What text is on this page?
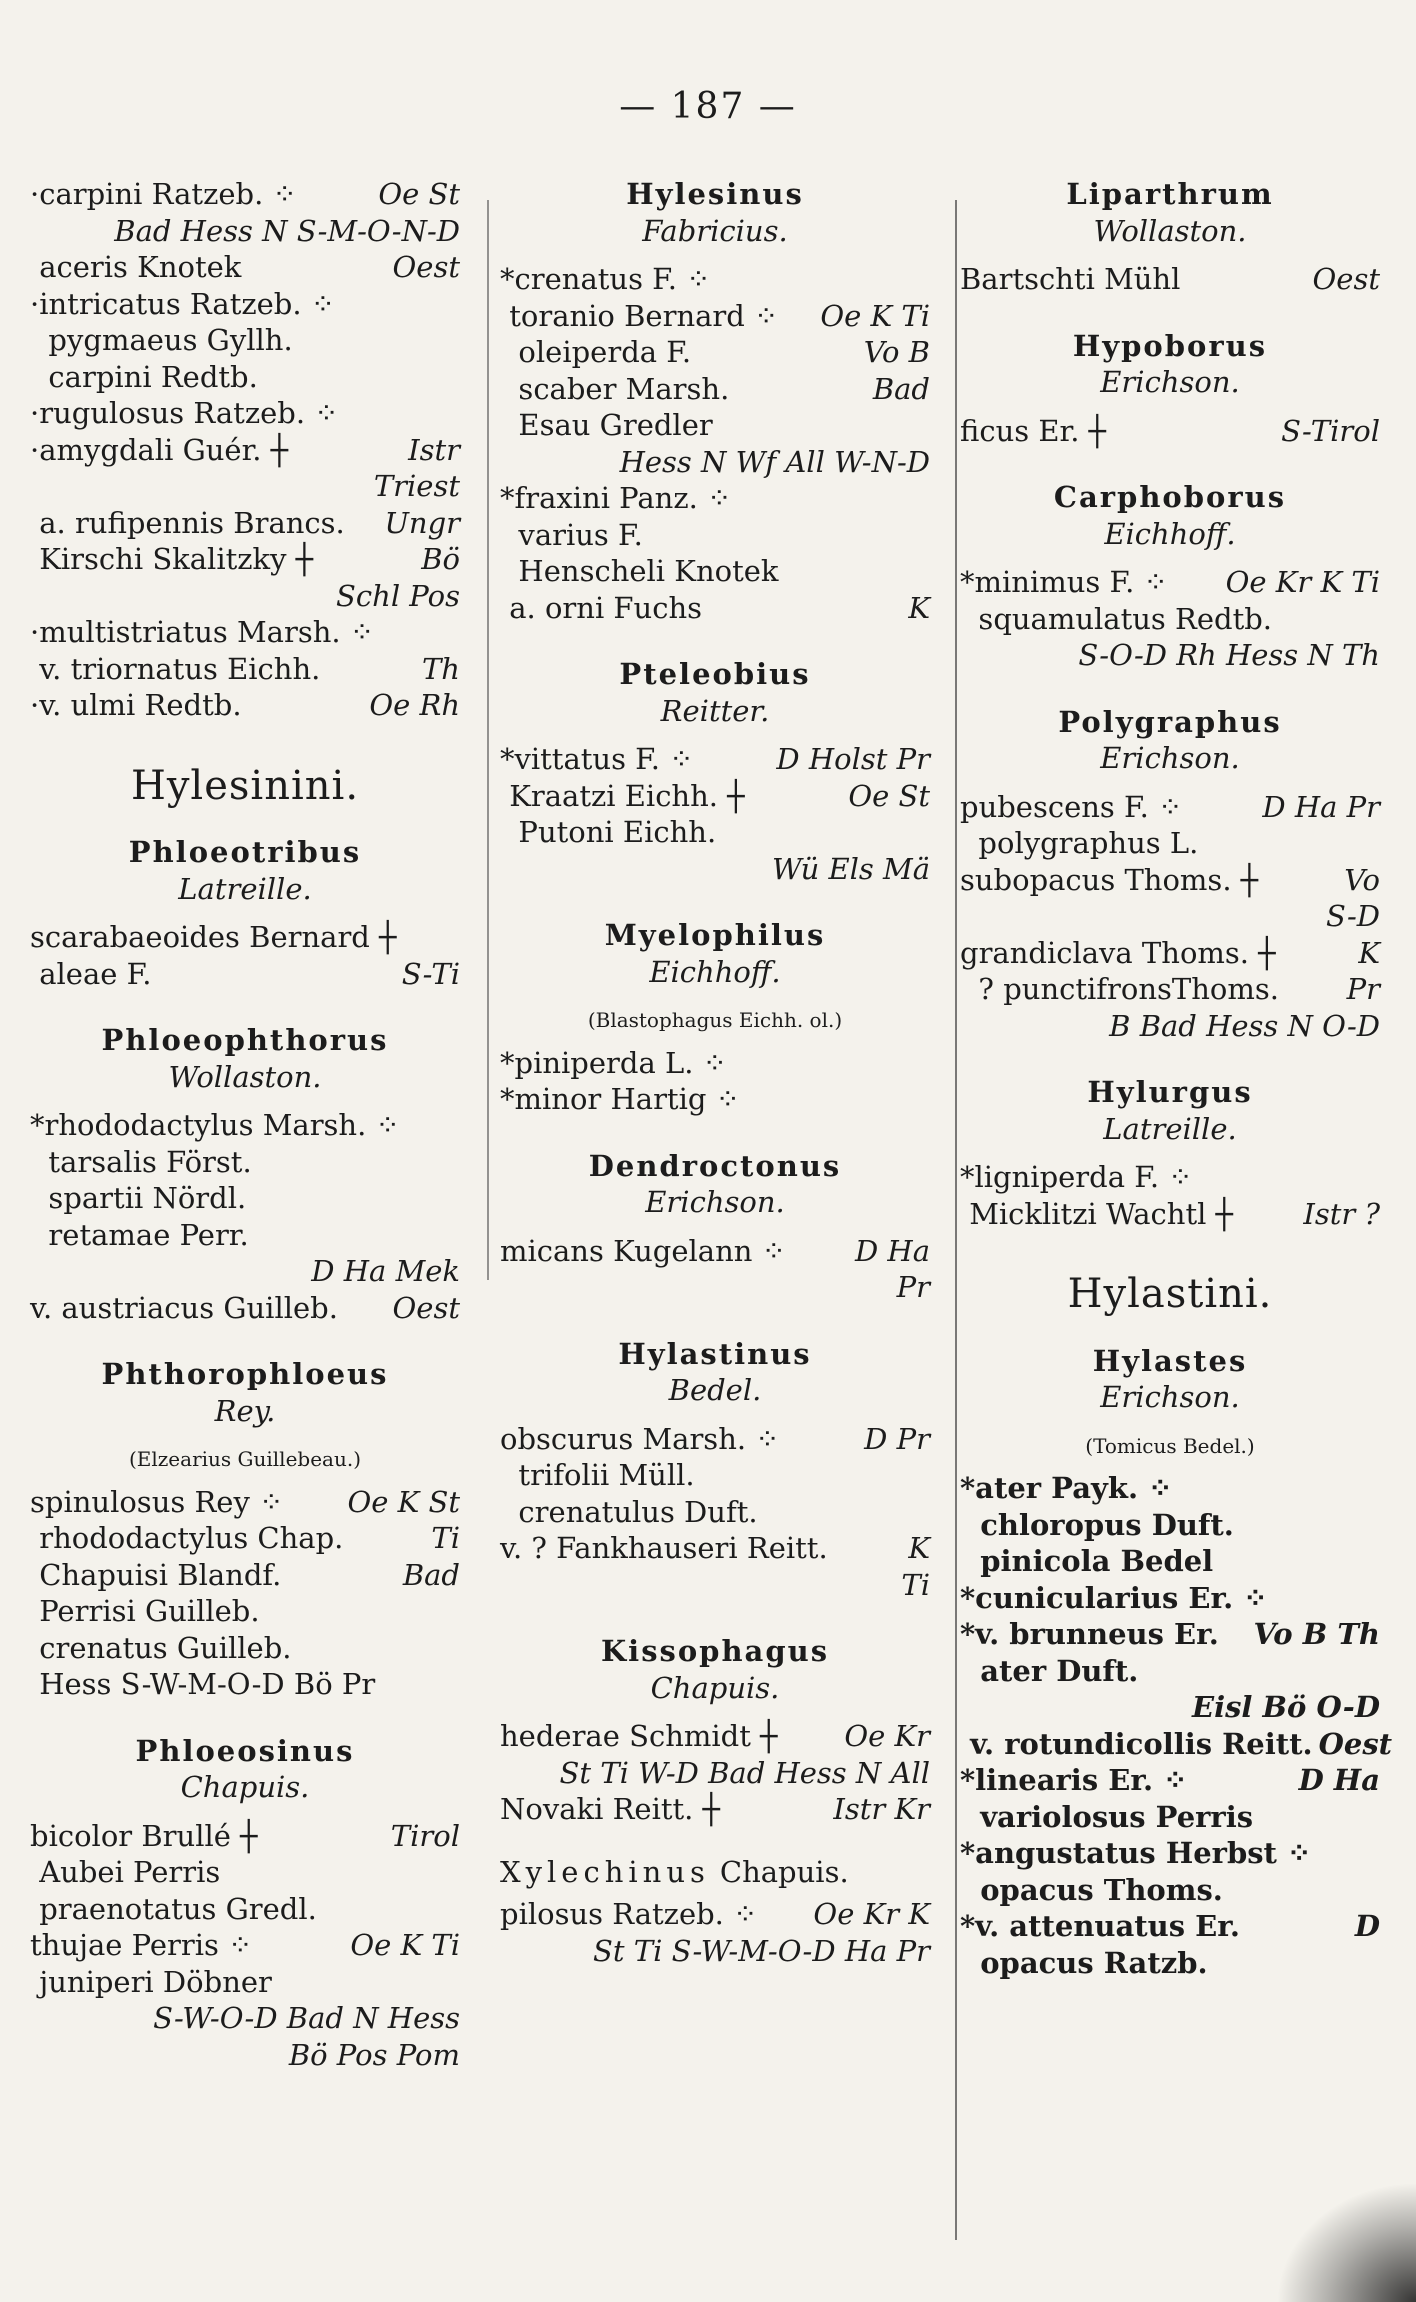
— 187 —
·carpini Ratzeb. ⁘	Oe St
Bad Hess N S-M-O-N-D
aceris Knotek	Oest
·intricatus Ratzeb. ⁘
pygmaeus Gyllh.
carpini Redtb.
·rugulosus Ratzeb. ⁘
·amygdali Guér. ┼	Istr
Triest
a. rufipennis Brancs.	Ungr
Kirschi Skalitzky ┼	Bö
Schl Pos
·multistriatus Marsh. ⁘
v. triornatus Eichh.	Th
·v. ulmi Redtb.	Oe Rh
Hylesinini.
Phloeotribus
Latreille.
scarabaeoides Bernard ┼
aleae F.	S-Ti
Phloeophthorus
Wollaston.
*rhododactylus Marsh. ⁘
tarsalis Först.
spartii Nördl.
retamae Perr.
D Ha Mek
v. austriacus Guilleb.	Oest
Phthorophloeus
Rey.
(Elzearius Guillebeau.)
spinulosus Rey ⁘	Oe K St
rhododactylus Chap.	Ti
Chapuisi Blandf.	Bad
Perrisi Guilleb.
crenatus Guilleb.
Hess S-W-M-O-D Bö Pr
Phloeosinus
Chapuis.
bicolor Brullé ┼	Tirol
Aubei Perris
praenotatus Gredl.
thujae Perris ⁘	Oe K Ti
juniperi Döbner
S-W-O-D Bad N Hess
Bö Pos Pom
Hylesinus
Fabricius.
*crenatus F. ⁘
toranio Bernard ⁘	Oe K Ti
oleiperda F.	Vo B
scaber Marsh.	Bad
Esau Gredler
Hess N Wf All W-N-D
*fraxini Panz. ⁘
varius F.
Henscheli Knotek
a. orni Fuchs	K
Pteleobius
Reitter.
*vittatus F. ⁘	D Holst Pr
Kraatzi Eichh. ┼	Oe St
Putoni Eichh.
Wü Els Mä
Myelophilus
Eichhoff.
(Blastophagus Eichh. ol.)
*piniperda L. ⁘
*minor Hartig ⁘
Dendroctonus
Erichson.
micans Kugelann ⁘	D Ha
Pr
Hylastinus
Bedel.
obscurus Marsh. ⁘	D Pr
trifolii Müll.
crenatulus Duft.
v. ? Fankhauseri Reitt.	K
Ti
Kissophagus
Chapuis.
hederae Schmidt ┼	Oe Kr
St Ti W-D Bad Hess N All
Novaki Reitt. ┼	Istr Kr
Xylechinus Chapuis.
pilosus Ratzeb. ⁘	Oe Kr K
St Ti S-W-M-O-D Ha Pr
Liparthrum
Wollaston.
Bartschti Mühl	Oest
Hypoborus
Erichson.
ficus Er. ┼	S-Tirol
Carphoborus
Eichhoff.
*minimus F. ⁘	Oe Kr K Ti
squamulatus Redtb.
S-O-D Rh Hess N Th
Polygraphus
Erichson.
pubescens F. ⁘	D Ha Pr
polygraphus L.
subopacus Thoms. ┼	Vo
S-D
grandiclava Thoms. ┼	K
? punctifronsThoms.	Pr
B Bad Hess N O-D
Hylurgus
Latreille.
*ligniperda F. ⁘
Micklitzi Wachtl ┼	Istr ?
Hylastini.
Hylastes
Erichson.
(Tomicus Bedel.)
*ater Payk. ⁘
chloropus Duft.
pinicola Bedel
*cunicularius Er. ⁘
*v. brunneus Er.	Vo B Th
ater Duft.
Eisl Bö O-D
v. rotundicollis Reitt. Oest
*linearis Er. ⁘	D Ha
variolosus Perris
*angustatus Herbst ⁘
opacus Thoms.
*v. attenuatus Er.	D
opacus Ratzb.
